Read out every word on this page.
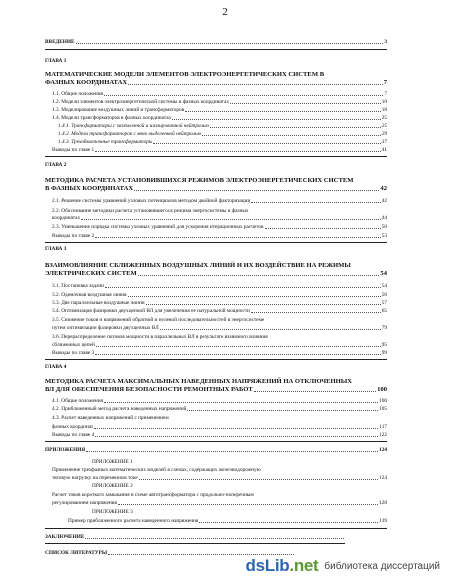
2
ВВЕДЕНИЕ	3
ГЛАВА 1
МАТЕМАТИЧЕСКИЕ МОДЕЛИ ЭЛЕМЕНТОВ ЭЛЕКТРОЭНЕРГЕТИЧЕСКИХ СИСТЕМ В
ФАЗНЫХ КООРДИНАТАХ	7
1.1. Общие положения	7
1.2. Модели элементов электроэнергетической системы в фазных координатах	10
1.3. Моделирование воздушных линий и трансформаторов	18
1.4. Модели трансформаторов в фазных координатах	25
1.4.1. Трансформаторы с заземленной и изолированной нейтралью	25
1.4.2. Модели трансформаторов с явно выделенной нейтралью	29
1.4.3. Трехобмоточные трансформаторы	37
Выводы по главе 1	41
ГЛАВА 2
МЕТОДИКА РАСЧЕТА УСТАНОВИВШИХСЯ РЕЖИМОВ ЭЛЕКТРОЭНЕРГЕТИЧЕСКИХ СИСТЕМ
В ФАЗНЫХ КООРДИНАТАХ	42
2.1. Решение системы уравнений узловых потенциалов методом двойной факторизации	42
2.2. Обоснование методики расчета установившегося режима энергосистемы в фазных
координатах	44
2.3. Уменьшение порядка системы узловых уравнений для ускорения итерационных расчетов	50
Выводы по главе 2	53
ГЛАВА 3
ВЗАИМОВЛИЯНИЕ СБЛИЖЕННЫХ ВОЗДУШНЫХ ЛИНИЙ И ИХ ВОЗДЕЙСТВИЕ НА РЕЖИМЫ
ЭЛЕКТРИЧЕСКИХ СИСТЕМ	54
3.1. Постановка задачи	54
3.2. Одиночная воздушная линия	56
3.3. Две параллельные воздушные линии	57
3.4. Оптимизация фазировки двухцепной ВЛ для увеличения ее натуральной мощности	65
3.5. Снижение токов и напряжений обратной и нулевой последовательностей в энергосистеме
путем оптимизации фазировки двухцепных ВЛ	79
3.6. Перераспределение потоков мощности в параллельных ВЛ в результате взаимного влияния
сближенных цепей	95
Выводы по главе 3	99
ГЛАВА 4
МЕТОДИКА РАСЧЕТА МАКСИМАЛЬНЫХ НАВЕДЕННЫХ НАПРЯЖЕНИЙ НА ОТКЛЮЧЕННЫХ
ВЛ ДЛЯ ОБЕСПЕЧЕНИЯ БЕЗОПАСНОСТИ РЕМОНТНЫХ РАБОТ	100
4.1. Общие положения	100
4.2. Приближенный метод расчета наведенных напряжений	105
4.3. Расчет наведенных напряжений с применением
фазных координат	117
Выводы по главе 4	122
ПРИЛОЖЕНИЯ	124
ПРИЛОЖЕНИЕ 1
Применение трехфазных математических моделей в схемах, содержащих железнодорожную
тяговую нагрузку на переменном токе	124
ПРИЛОЖЕНИЕ 2
Расчет токов короткого замыкания в схеме автотрансформатора с продольно-поперечным
регулированием напряжения	128
ПРИЛОЖЕНИЕ 3
Пример приближенного расчета наведенного напряжения	139
ЗАКЛЮЧЕНИЕ
СПИСОК ЛИТЕРАТУРЫ
dsLib.net библиотека диссертаций
